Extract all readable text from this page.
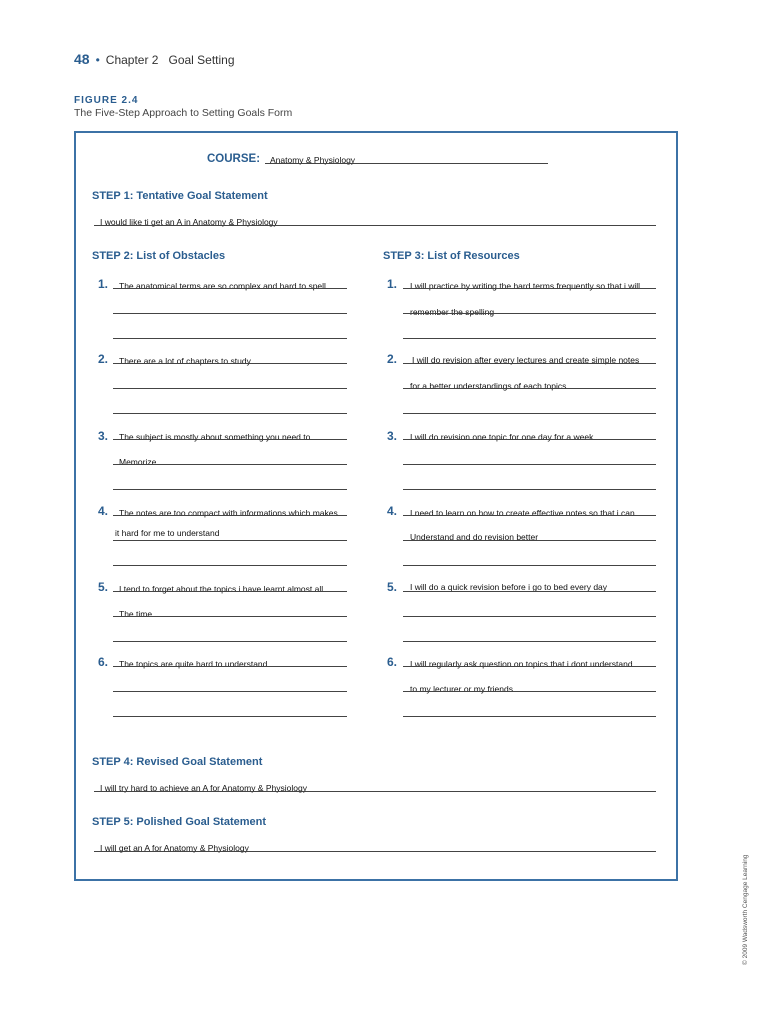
48 • Chapter 2 Goal Setting
FIGURE 2.4
The Five-Step Approach to Setting Goals Form
COURSE: Anatomy & Physiology
STEP 1: Tentative Goal Statement
I would like ti get an A in Anatomy & Physiology
STEP 2: List of Obstacles	STEP 3: List of Resources
1. The anatomical terms are so complex and hard to spell
2. There are a lot of chapters to study
3. The subject is mostly about something you need to
Memorize
4. The notes are too compact with informations which makes
it hard for me to understand
5. I tend to forget about the topics i have learnt almost all
The time
6. The topics are quite hard to understand
1. I will practice by writing the hard terms frequently so that i will
remember the spelling
2. I will do revision after every lectures and create simple notes
for a better understandings of each topics
3. I will do revision one topic for one day for a week
4. I need to learn on how to create effective notes so that i can
Understand and do revision better
5. I will do a quick revision before i go to bed every day
6. I will regularly ask question on topics that i dont understand
to my lecturer or my friends
STEP 4: Revised Goal Statement
I will try hard to achieve an A for Anatomy & Physiology
STEP 5: Polished Goal Statement
I will get an A for Anatomy & Physiology
© 2009 Wadsworth Cengage Learning
